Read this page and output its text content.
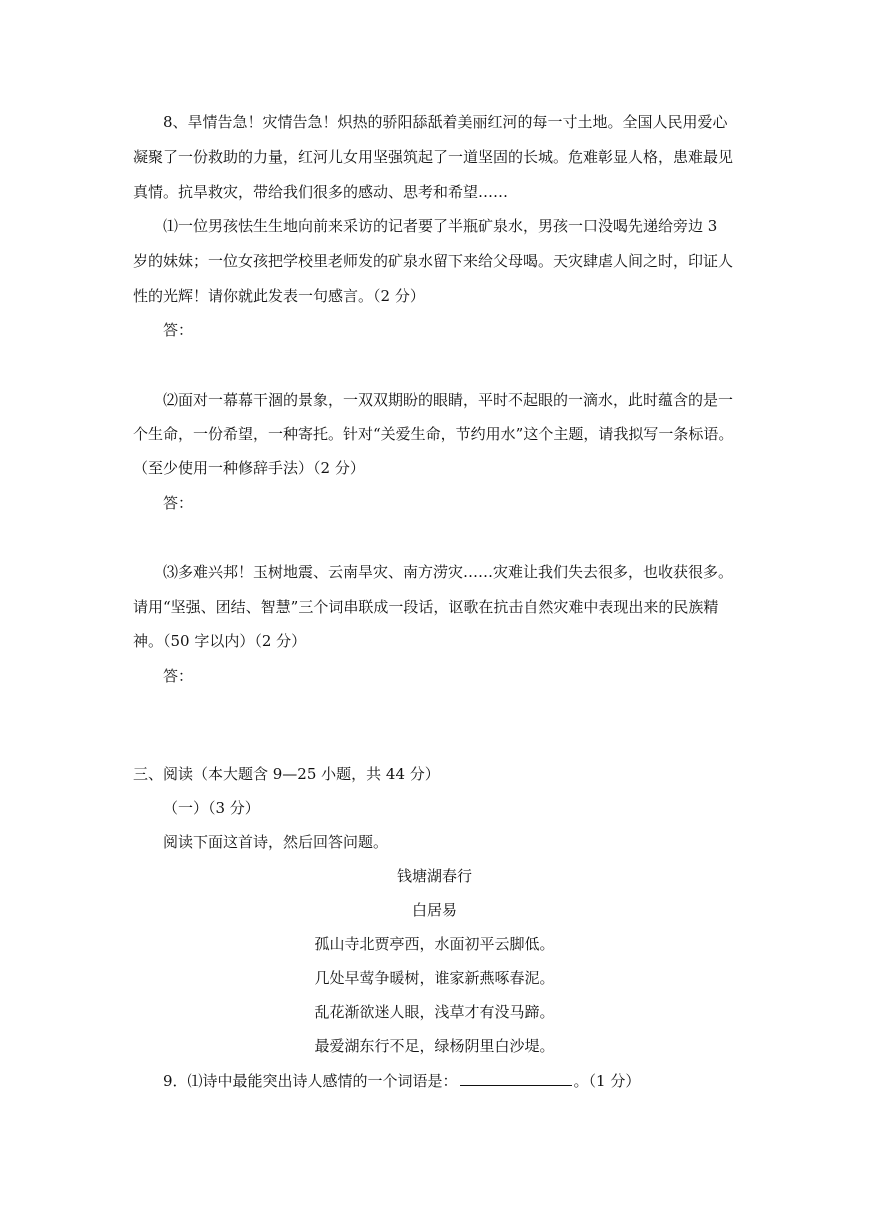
8、旱情告急！灾情告急！炽热的骄阳舔舐着美丽红河的每一寸土地。全国人民用爱心
凝聚了一份救助的力量，红河儿女用坚强筑起了一道坚固的长城。危难彰显人格，患难最见
真情。抗旱救灾，带给我们很多的感动、思考和希望……
⑴一位男孩怯生生地向前来采访的记者要了半瓶矿泉水，男孩一口没喝先递给旁边 3
岁的妹妹；一位女孩把学校里老师发的矿泉水留下来给父母喝。天灾肆虐人间之时，印证人
性的光辉！请你就此发表一句感言。（2 分）
答：
⑵面对一幕幕干涸的景象，一双双期盼的眼睛，平时不起眼的一滴水，此时蕴含的是一
个生命，一份希望，一种寄托。针对“关爱生命，节约用水”这个主题，请我拟写一条标语。
（至少使用一种修辞手法）（2 分）
答：
⑶多难兴邦！玉树地震、云南旱灾、南方涝灾……灾难让我们失去很多，也收获很多。
请用“坚强、团结、智慧”三个词串联成一段话，讴歌在抗击自然灾难中表现出来的民族精
神。（50 字以内）（2 分）
答：
三、阅读（本大题含 9—25 小题，共 44 分）
（一）（3 分）
阅读下面这首诗，然后回答问题。
钱塘湖春行
白居易
孤山寺北贾亭西，水面初平云脚低。
几处早莺争暖树，谁家新燕啄春泥。
乱花渐欲迷人眼，浅草才有没马蹄。
最爱湖东行不足，绿杨阴里白沙堤。
9．⑴诗中最能突出诗人感情的一个词语是：	。（1 分）
